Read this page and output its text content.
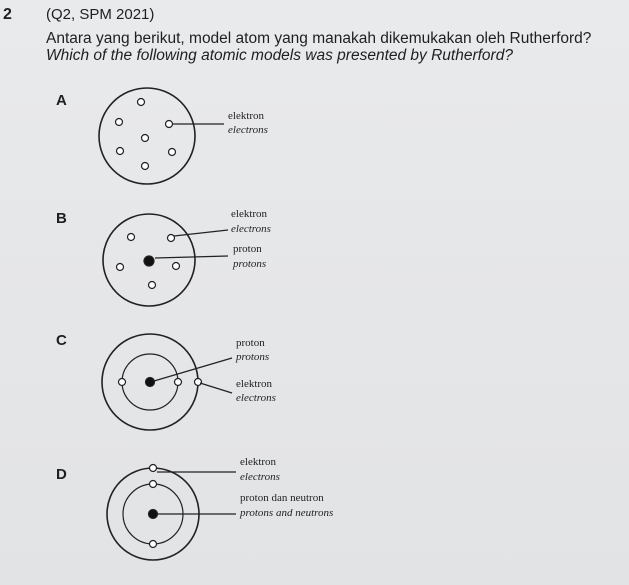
2 (Q2, SPM 2021)
Antara yang berikut, model atom yang manakah dikemukakan oleh Rutherford?
Which of the following atomic models was presented by Rutherford?
A
B
C
D
elektron
electrons
elektron
electrons
proton
protons
proton
protons
elektron
electrons
elektron
electrons
proton dan neutron
protons and neutrons
